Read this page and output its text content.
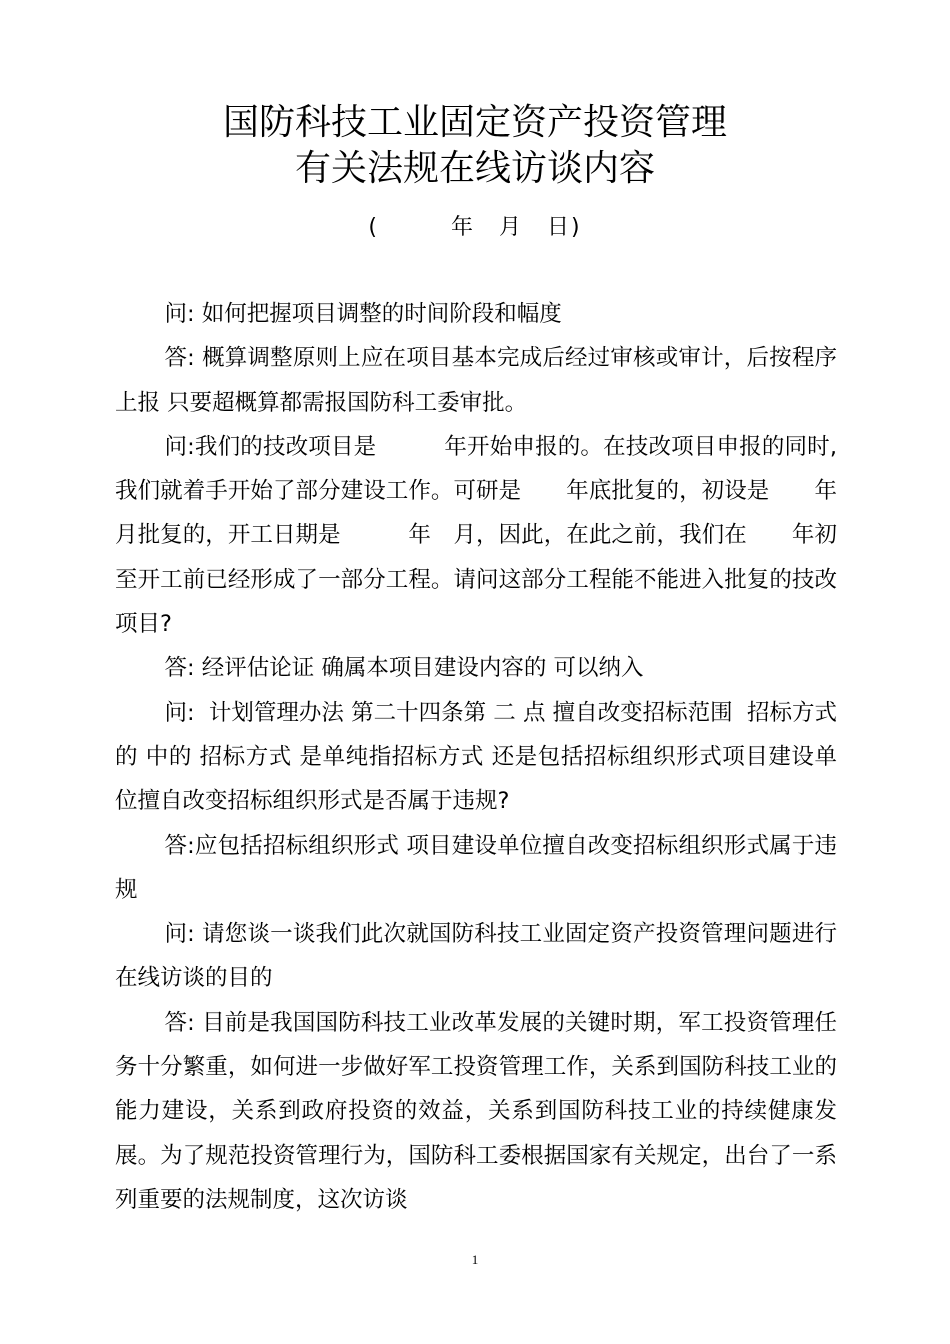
国防科技工业固定资产投资管理
有关法规在线访谈内容
(　　　年　月　日)

问: 如何把握项目调整的时间阶段和幅度

答: 概算调整原则上应在项目基本完成后经过审核或审计，后按程序上报 只要超概算都需报国防科工委审批。

问:我们的技改项目是　　　年开始申报的。在技改项目申报的同时,我们就着手开始了部分建设工作。可研是　　年底批复的，初设是　　年　　月批复的，开工日期是　　　年　月，因此，在此之前，我们在　　年初至开工前已经形成了一部分工程。请问这部分工程能不能进入批复的技改项目?

答: 经评估论证 确属本项目建设内容的 可以纳入

问:  计划管理办法 第二十四条第 二 点 擅自改变招标范围  招标方式的 中的 招标方式 是单纯指招标方式 还是包括招标组织形式项目建设单位擅自改变招标组织形式是否属于违规?

答:应包括招标组织形式 项目建设单位擅自改变招标组织形式属于违规

问: 请您谈一谈我们此次就国防科技工业固定资产投资管理问题进行在线访谈的目的

答: 目前是我国国防科技工业改革发展的关键时期，军工投资管理任务十分繁重，如何进一步做好军工投资管理工作，关系到国防科技工业的能力建设，关系到政府投资的效益，关系到国防科技工业的持续健康发展。为了规范投资管理行为，国防科工委根据国家有关规定，出台了一系列重要的法规制度，这次访谈

1
